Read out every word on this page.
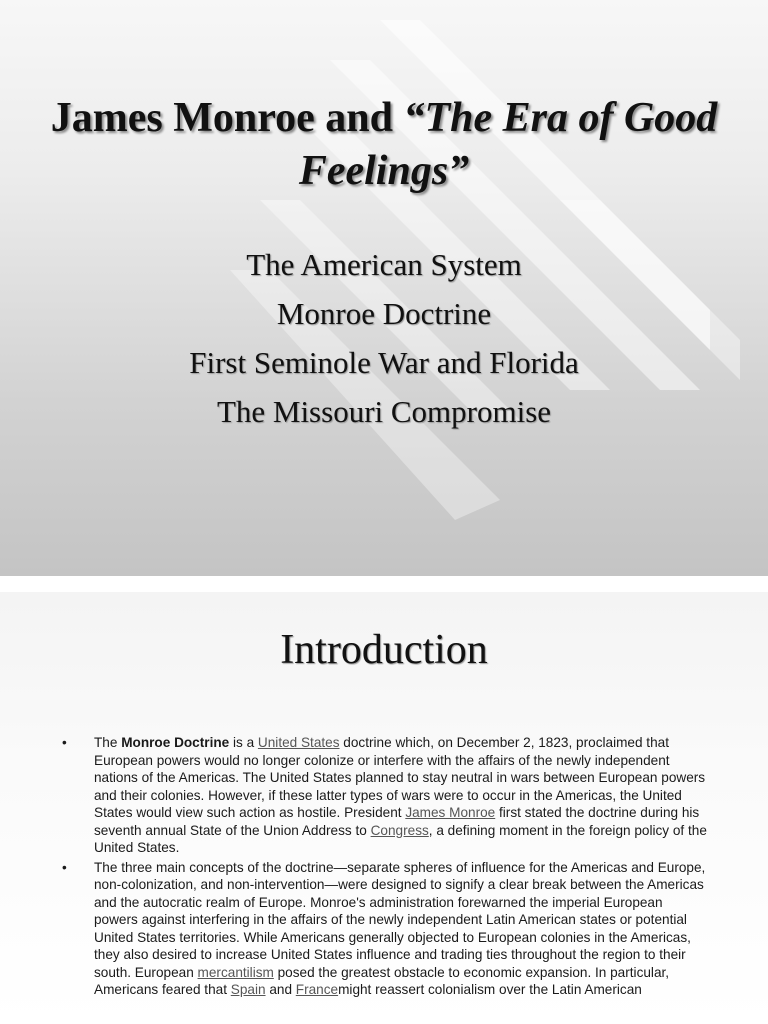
James Monroe and “The Era of Good Feelings”
The American System
Monroe Doctrine
First Seminole War and Florida
The Missouri Compromise
Introduction
• The Monroe Doctrine is a United States doctrine which, on December 2, 1823, proclaimed that European powers would no longer colonize or interfere with the affairs of the newly independent nations of the Americas. The United States planned to stay neutral in wars between European powers and their colonies. However, if these latter types of wars were to occur in the Americas, the United States would view such action as hostile. President James Monroe first stated the doctrine during his seventh annual State of the Union Address to Congress, a defining moment in the foreign policy of the United States.
• The three main concepts of the doctrine—separate spheres of influence for the Americas and Europe, non-colonization, and non-intervention—were designed to signify a clear break between the Americas and the autocratic realm of Europe. Monroe's administration forewarned the imperial European powers against interfering in the affairs of the newly independent Latin American states or potential United States territories. While Americans generally objected to European colonies in the Americas, they also desired to increase United States influence and trading ties throughout the region to their south. European mercantilism posed the greatest obstacle to economic expansion. In particular, Americans feared that Spain and Francemight reassert colonialism over the Latin American
